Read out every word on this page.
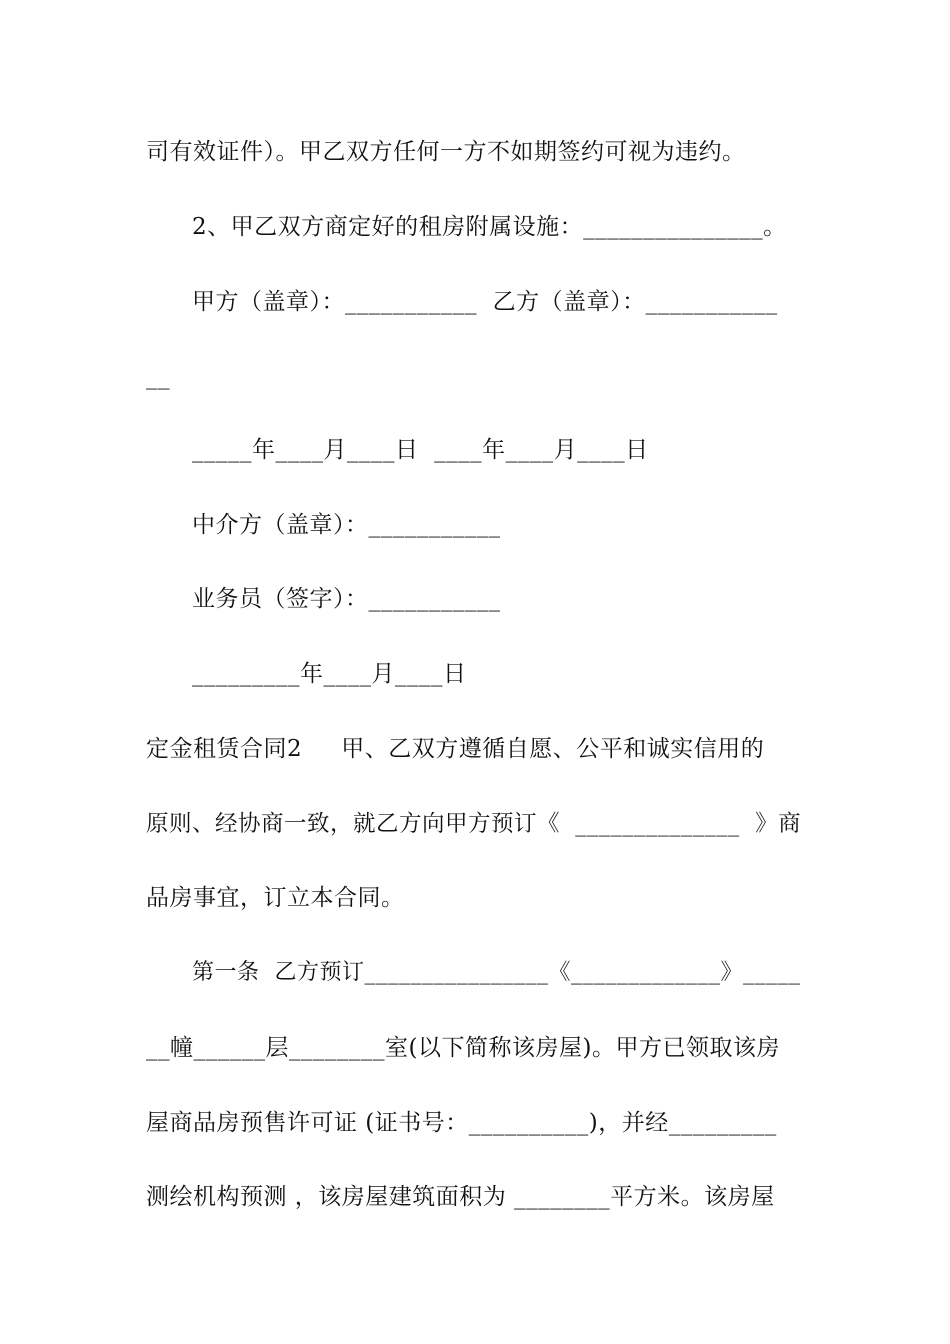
司有效证件）。甲乙双方任何一方不如期签约可视为违约。
2、甲乙双方商定好的租房附属设施：_______________。
甲方（盖章）：___________  乙方（盖章）：___________
__
_____年____月____日  ____年____月____日
中介方（盖章）：___________
业务员（签字）：___________
_________年____月____日
定金租赁合同2     甲、乙双方遵循自愿、公平和诚实信用的
原则、经协商一致，就乙方向甲方预订《  ______________  》商
品房事宜，订立本合同。
第一条  乙方预订________________《_____________》_____
__幢______层________室(以下简称该房屋)。甲方已领取该房
屋商品房预售许可证 (证书号：__________)，并经_________
测绘机构预测 ，该房屋建筑面积为 ________平方米。该房屋
